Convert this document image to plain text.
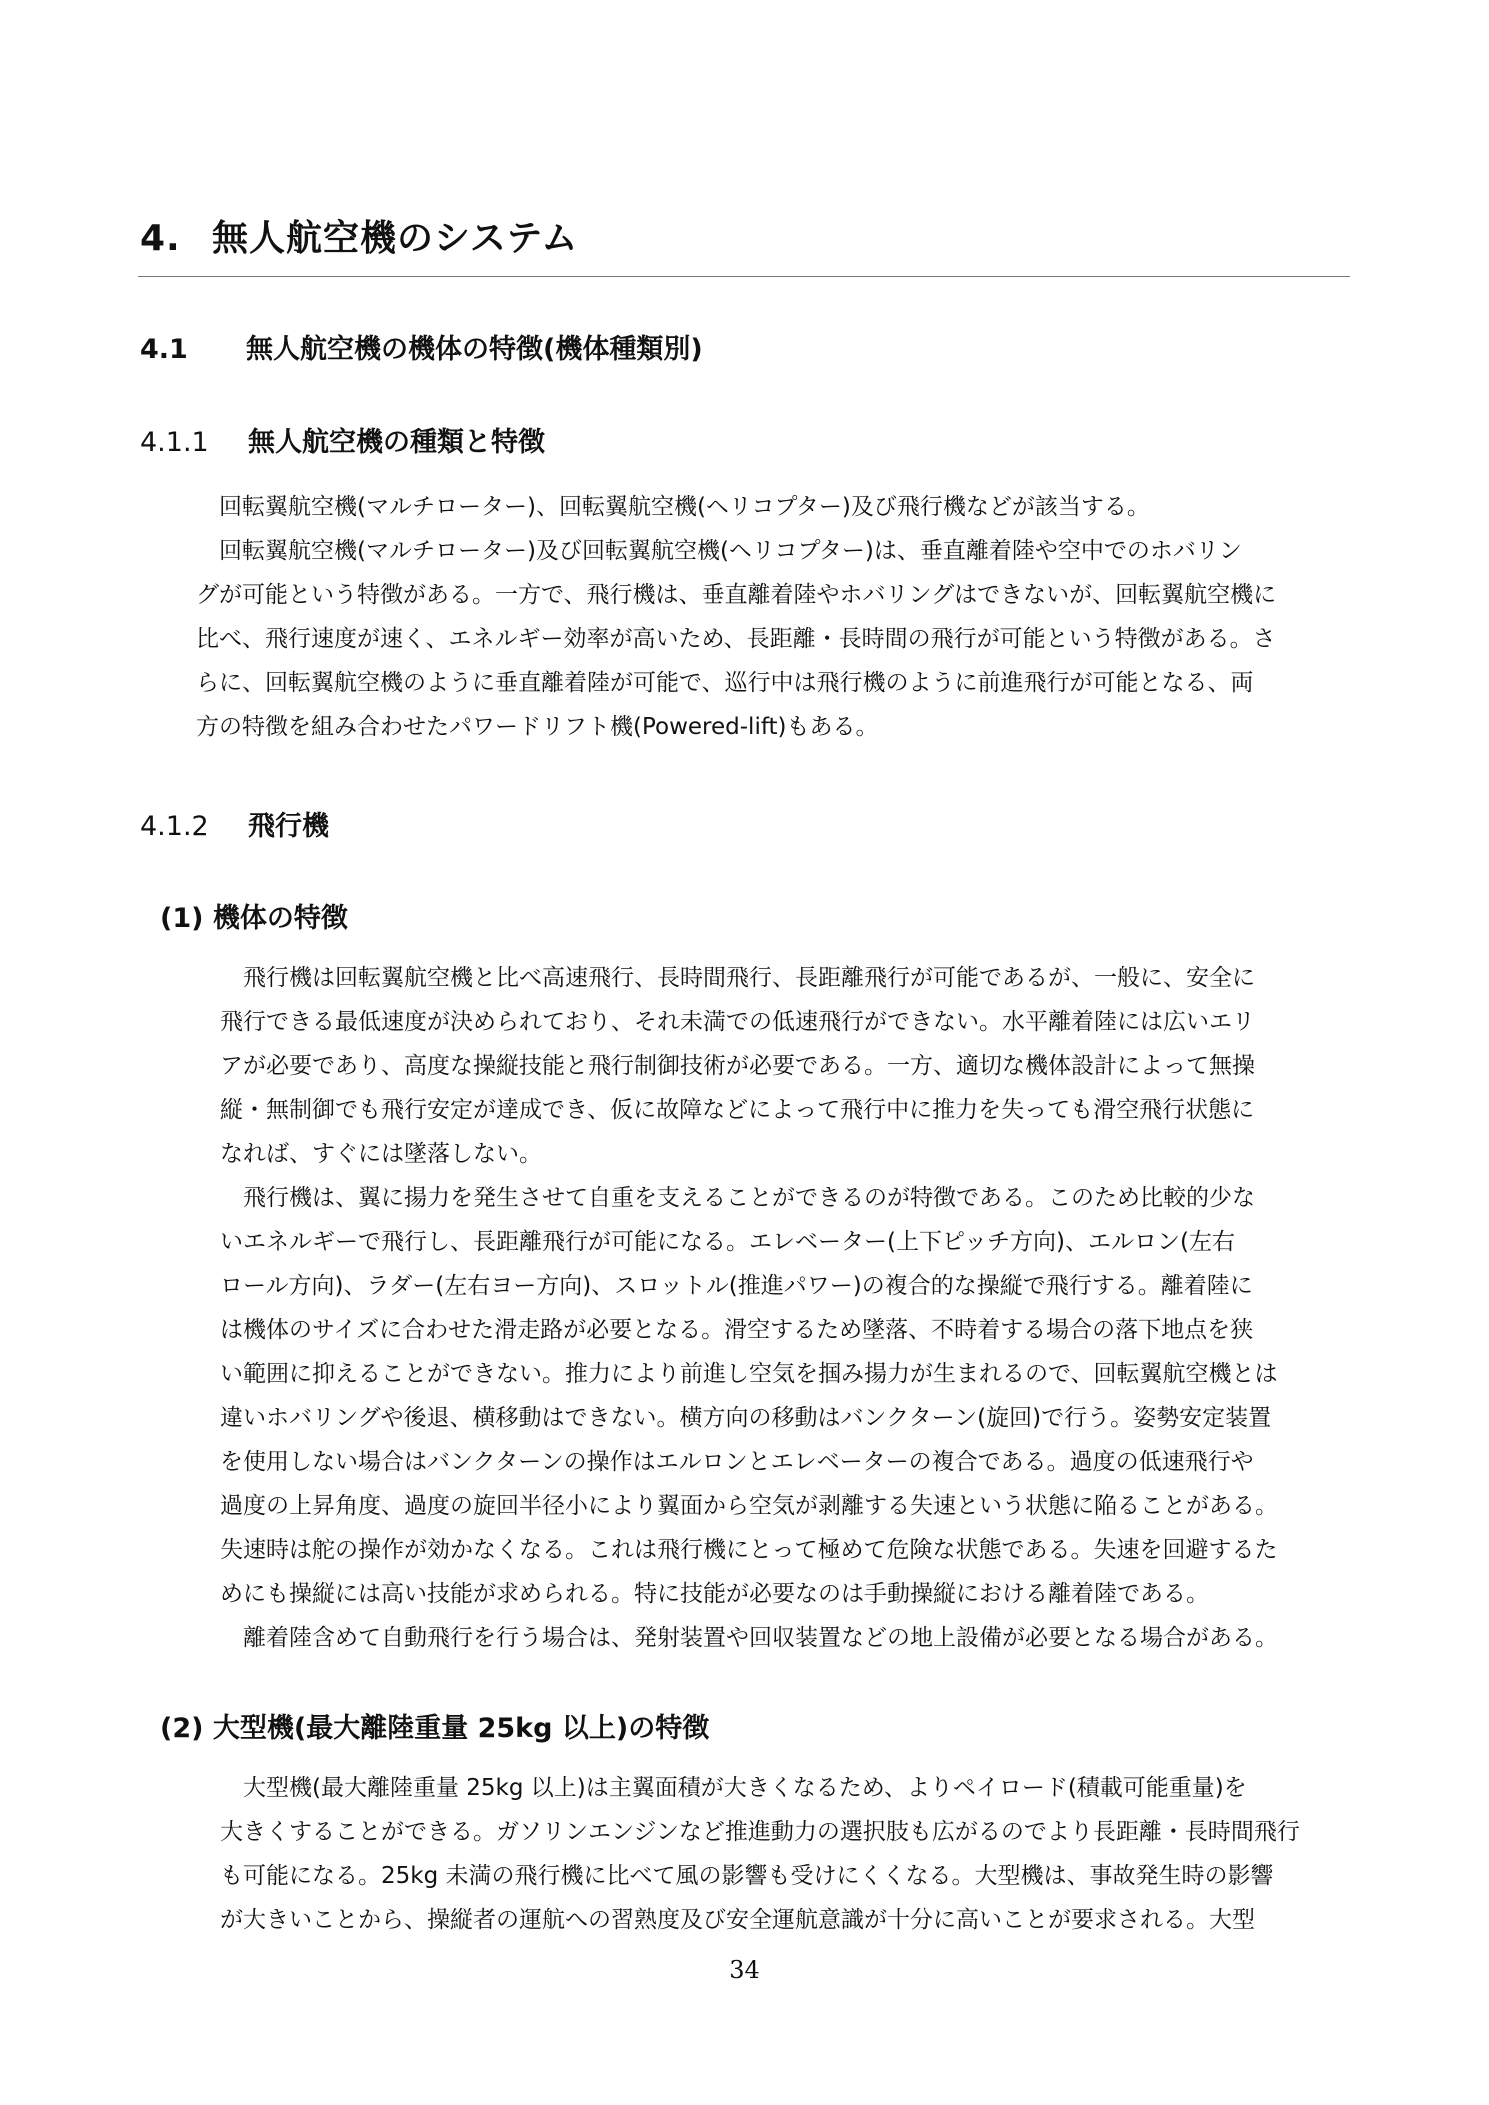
4. 無人航空機のシステム
4.1 無人航空機の機体の特徴(機体種類別)
4.1.1 無人航空機の種類と特徴
　回転翼航空機(マルチローター)、回転翼航空機(ヘリコプター)及び飛行機などが該当する。
　回転翼航空機(マルチローター)及び回転翼航空機(ヘリコプター)は、垂直離着陸や空中でのホバリン
グが可能という特徴がある。一方で、飛行機は、垂直離着陸やホバリングはできないが、回転翼航空機に
比べ、飛行速度が速く、エネルギー効率が高いため、長距離・長時間の飛行が可能という特徴がある。さ
らに、回転翼航空機のように垂直離着陸が可能で、巡行中は飛行機のように前進飛行が可能となる、両
方の特徴を組み合わせたパワードリフト機(Powered-lift)もある。
4.1.2 飛行機
(1) 機体の特徴
　飛行機は回転翼航空機と比べ高速飛行、長時間飛行、長距離飛行が可能であるが、一般に、安全に
飛行できる最低速度が決められており、それ未満での低速飛行ができない。水平離着陸には広いエリ
アが必要であり、高度な操縦技能と飛行制御技術が必要である。一方、適切な機体設計によって無操
縦・無制御でも飛行安定が達成でき、仮に故障などによって飛行中に推力を失っても滑空飛行状態に
なれば、すぐには墜落しない。
　飛行機は、翼に揚力を発生させて自重を支えることができるのが特徴である。このため比較的少な
いエネルギーで飛行し、長距離飛行が可能になる。エレベーター(上下ピッチ方向)、エルロン(左右
ロール方向)、ラダー(左右ヨー方向)、スロットル(推進パワー)の複合的な操縦で飛行する。離着陸に
は機体のサイズに合わせた滑走路が必要となる。滑空するため墜落、不時着する場合の落下地点を狭
い範囲に抑えることができない。推力により前進し空気を掴み揚力が生まれるので、回転翼航空機とは
違いホバリングや後退、横移動はできない。横方向の移動はバンクターン(旋回)で行う。姿勢安定装置
を使用しない場合はバンクターンの操作はエルロンとエレベーターの複合である。過度の低速飛行や
過度の上昇角度、過度の旋回半径小により翼面から空気が剥離する失速という状態に陥ることがある。
失速時は舵の操作が効かなくなる。これは飛行機にとって極めて危険な状態である。失速を回避するた
めにも操縦には高い技能が求められる。特に技能が必要なのは手動操縦における離着陸である。
　離着陸含めて自動飛行を行う場合は、発射装置や回収装置などの地上設備が必要となる場合がある。
(2) 大型機(最大離陸重量 25kg 以上)の特徴
　大型機(最大離陸重量 25kg 以上)は主翼面積が大きくなるため、よりペイロード(積載可能重量)を
大きくすることができる。ガソリンエンジンなど推進動力の選択肢も広がるのでより長距離・長時間飛行
も可能になる。25kg 未満の飛行機に比べて風の影響も受けにくくなる。大型機は、事故発生時の影響
が大きいことから、操縦者の運航への習熟度及び安全運航意識が十分に高いことが要求される。大型
34
